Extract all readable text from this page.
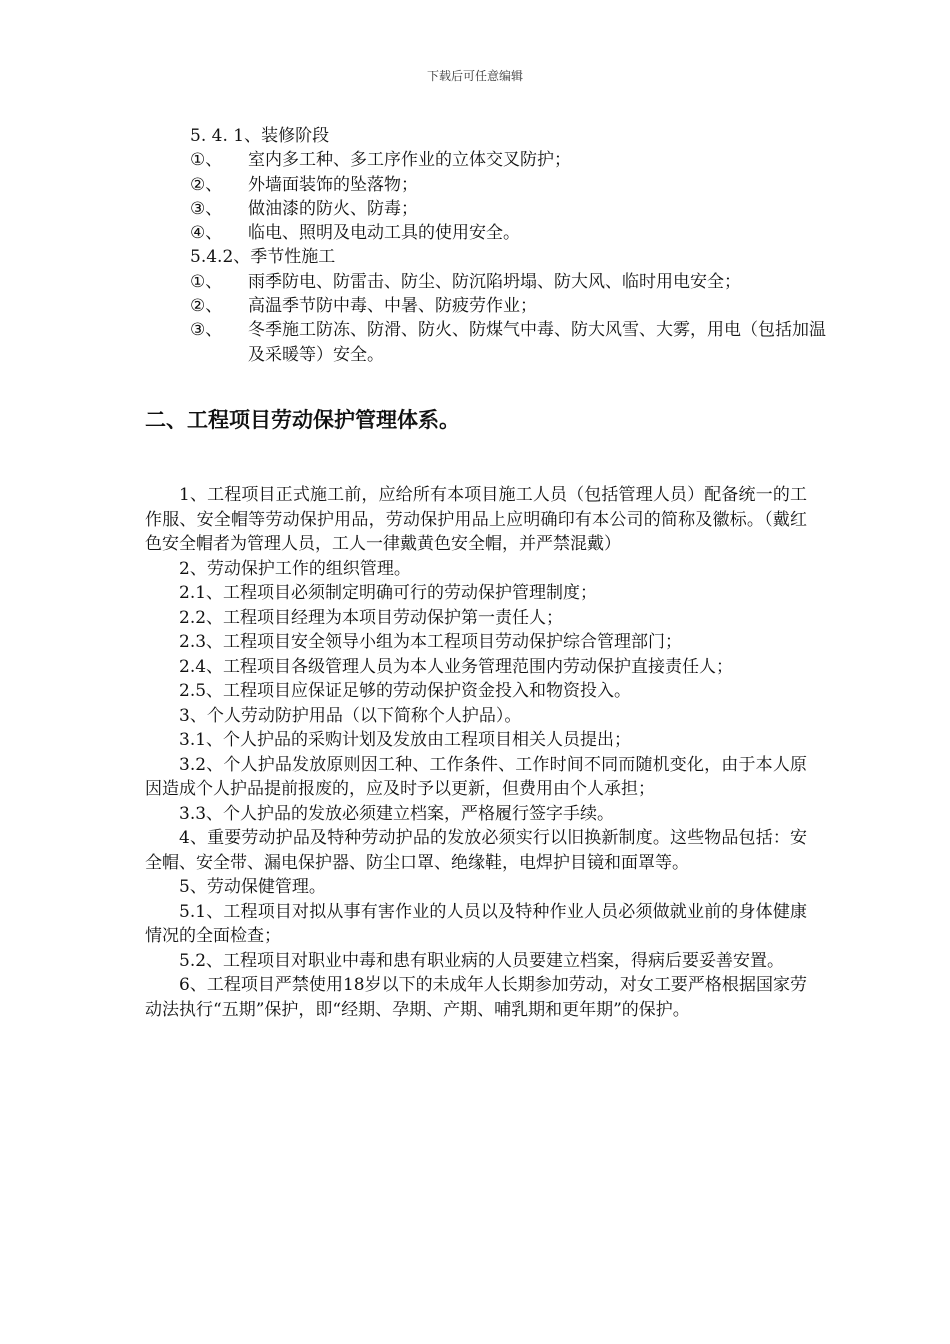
下载后可任意编辑
5. 4. 1、装修阶段
①、	室内多工种、多工序作业的立体交叉防护；
②、	外墙面装饰的坠落物；
③、	做油漆的防火、防毒；
④、	临电、照明及电动工具的使用安全。
5.4.2、季节性施工
①、	雨季防电、防雷击、防尘、防沉陷坍塌、防大风、临时用电安全；
②、	高温季节防中毒、中暑、防疲劳作业；
③、	冬季施工防冻、防滑、防火、防煤气中毒、防大风雪、大雾，用电（包括加温及采暖等）安全。
二、工程项目劳动保护管理体系。
1、工程项目正式施工前，应给所有本项目施工人员（包括管理人员）配备统一的工作服、安全帽等劳动保护用品，劳动保护用品上应明确印有本公司的简称及徽标。（戴红色安全帽者为管理人员，工人一律戴黄色安全帽，并严禁混戴）
2、劳动保护工作的组织管理。
2.1、工程项目必须制定明确可行的劳动保护管理制度；
2.2、工程项目经理为本项目劳动保护第一责任人；
2.3、工程项目安全领导小组为本工程项目劳动保护综合管理部门；
2.4、工程项目各级管理人员为本人业务管理范围内劳动保护直接责任人；
2.5、工程项目应保证足够的劳动保护资金投入和物资投入。
3、个人劳动防护用品（以下简称个人护品）。
3.1、个人护品的采购计划及发放由工程项目相关人员提出；
3.2、个人护品发放原则因工种、工作条件、工作时间不同而随机变化，由于本人原因造成个人护品提前报废的，应及时予以更新，但费用由个人承担；
3.3、个人护品的发放必须建立档案，严格履行签字手续。
4、重要劳动护品及特种劳动护品的发放必须实行以旧换新制度。这些物品包括：安全帽、安全带、漏电保护器、防尘口罩、绝缘鞋，电焊护目镜和面罩等。
5、劳动保健管理。
5.1、工程项目对拟从事有害作业的人员以及特种作业人员必须做就业前的身体健康情况的全面检查；
5.2、工程项目对职业中毒和患有职业病的人员要建立档案，得病后要妥善安置。
6、工程项目严禁使用18岁以下的未成年人长期参加劳动，对女工要严格根据国家劳动法执行“五期”保护，即“经期、孕期、产期、哺乳期和更年期”的保护。
